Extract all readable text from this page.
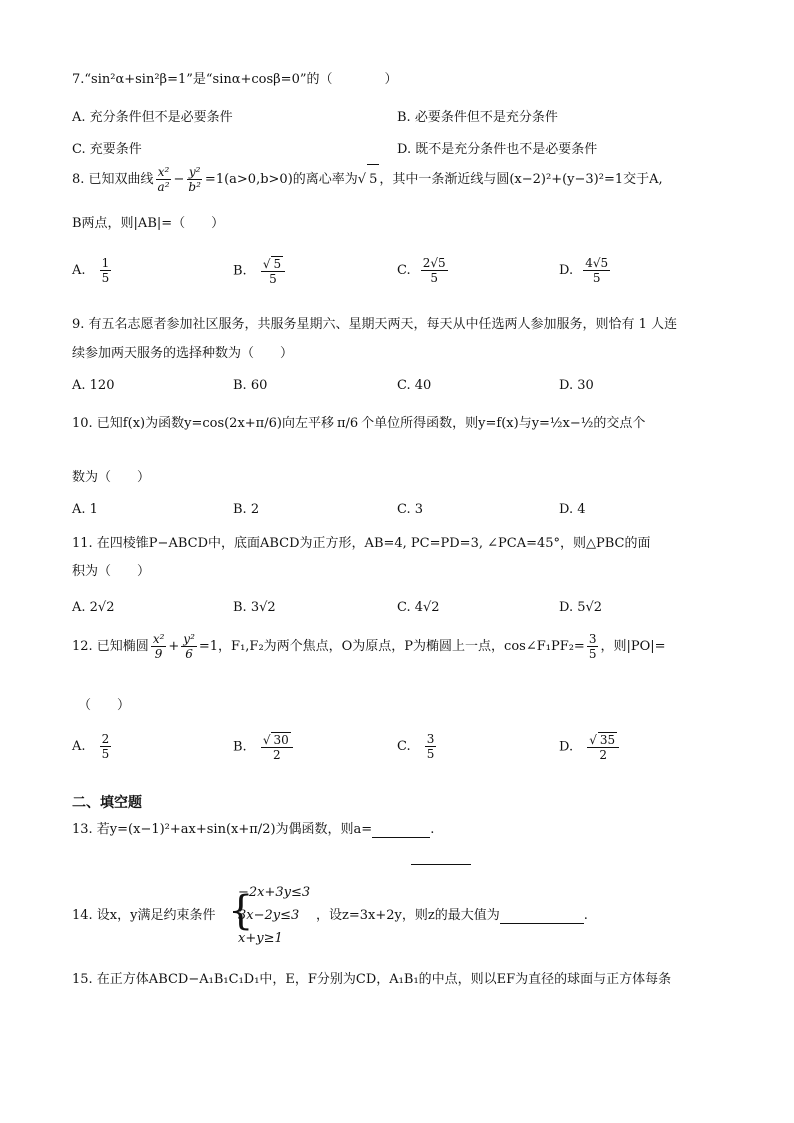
7.“sin²α+sin²β=1”是“sinα+cosβ=0”的（　　　　）
A. 充分条件但不是必要条件	B. 必要条件但不是充分条件
C. 充要条件	D. 既不是充分条件也不是必要条件
8. 已知双曲线 $\frac{\text{x²}}{\text{a²}} - \frac{\text{y²}}{\text{b²}} =1(a>0,b>0)$的离心率为√ 5 ，其中一条渐近线与圆(x−2)²+(y−3)²=1交于A,
B两点，则|AB|=（　　）
A. $\frac{1}{5}$	B. $\frac{√ 5}{5}$	C. $\frac{2√5}{5}$	D. $\frac{4√5}{5}$
9. 有五名志愿者参加社区服务，共服务星期六、星期天两天，每天从中任选两人参加服务，则恰有 1 人连
续参加两天服务的选择种数为（　　）
A. 120	B. 60	C. 40	D. 30
10. 已知f(x)为函数y=cos(2x+π/6)向左平移 π/6 个单位所得函数，则y=f(x)与y=½x−½的交点个
数为（　　）
A. 1	B. 2	C. 3	D. 4
11. 在四棱锥P−ABCD中，底面ABCD为正方形，AB=4, PC=PD=3, ∠PCA=45°，则△PBC的面
积为（　　）
A. 2√2	B. 3√2	C. 4√2	D. 5√2
12. 已知椭圆 $\frac{\text{x²}}{9} + \frac{\text{y²}}{6} =1$，F₁,F₂为两个焦点，O为原点，P为椭圆上一点，cos∠F₁PF₂= $\frac{3}{5}$ ，则|PO|=
（　　）
A. $\frac{2}{5}$	B. $\frac{√ 30}{2}$	C. $\frac{3}{5}$	D. $\frac{√ 35}{2}$
二、填空题
13. 若y=(x−1)²+ax+sin(x+π/2)为偶函数，则a=	.
14. 设x，y满足约束条件 {
−2x+3y≤3
3x−2y≤3
x+y≥1
，设z=3x+2y，则z的最大值为	.
15. 在正方体ABCD−A₁B₁C₁D₁中，E，F分别为CD，A₁B₁的中点，则以EF为直径的球面与正方体每条
